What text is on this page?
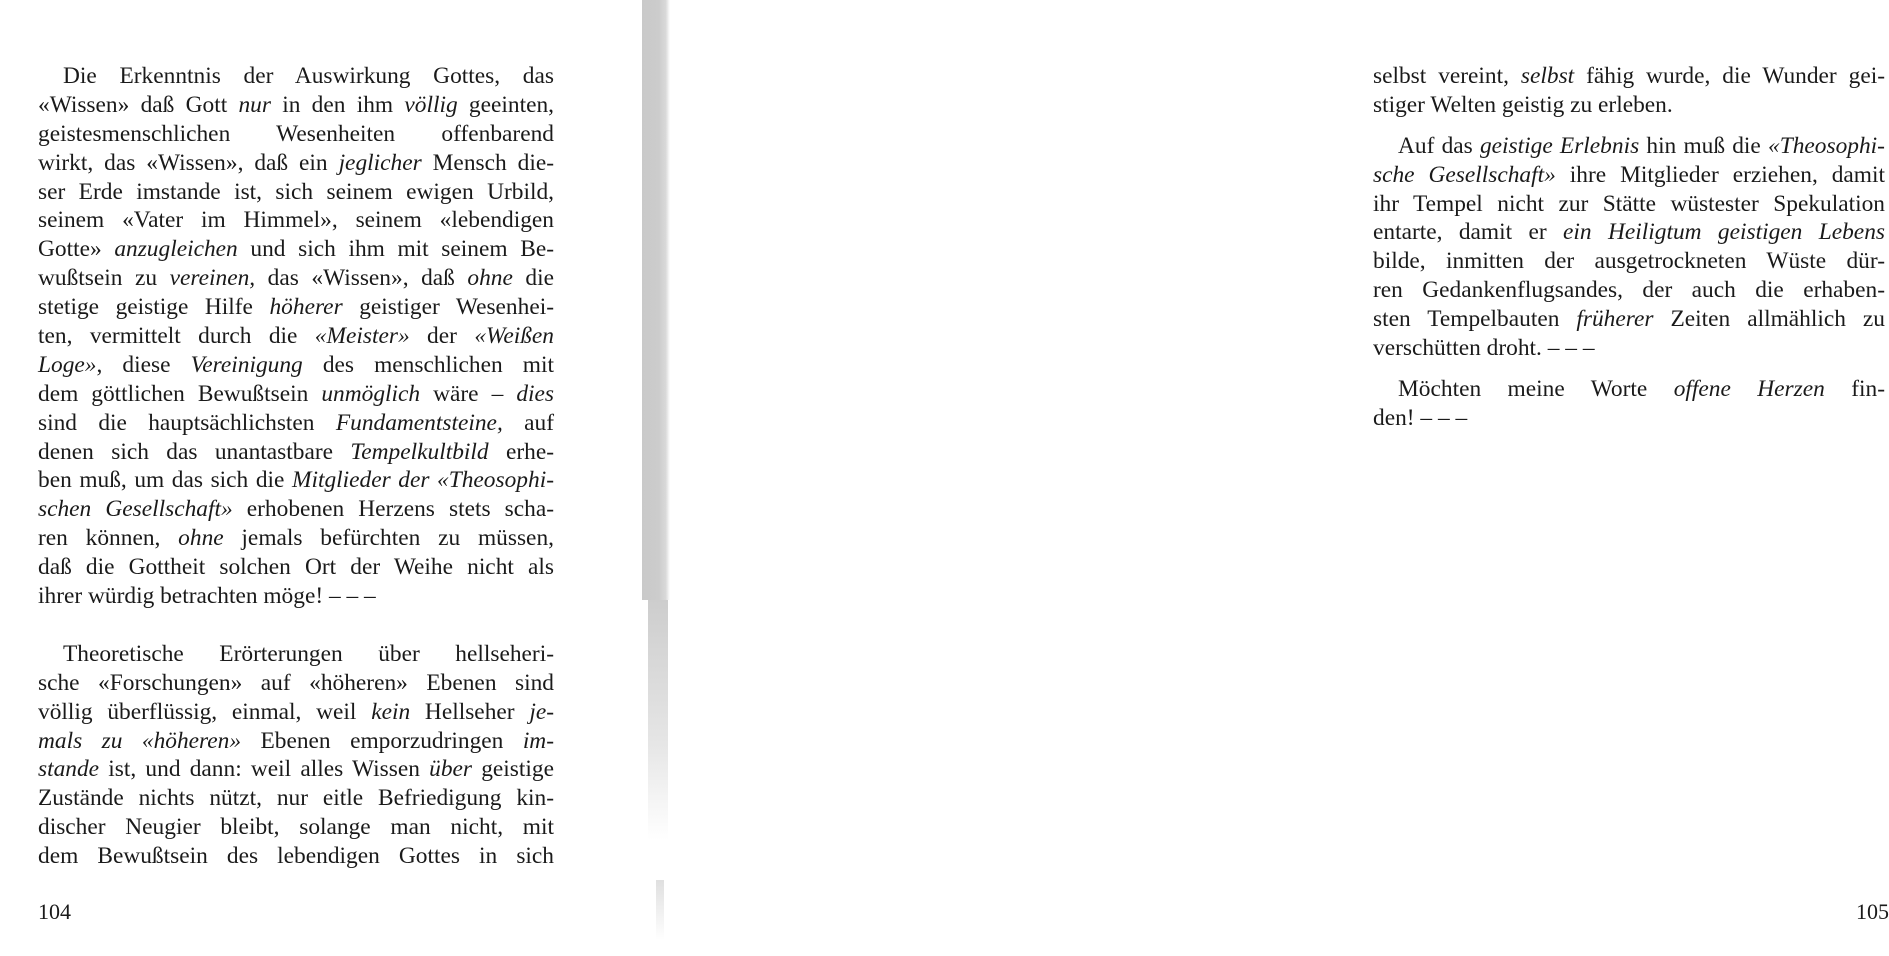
Die Erkenntnis der Auswirkung Gottes, das
«Wissen» daß Gott nur in den ihm völlig geeinten,
geistesmenschlichen Wesenheiten offenbarend
wirkt, das «Wissen», daß ein jeglicher Mensch die-
ser Erde imstande ist, sich seinem ewigen Urbild,
seinem «Vater im Himmel», seinem «lebendigen
Gotte» anzugleichen und sich ihm mit seinem Be-
wußtsein zu vereinen, das «Wissen», daß ohne die
stetige geistige Hilfe höherer geistiger Wesenhei-
ten, vermittelt durch die «Meister» der «Weißen
Loge», diese Vereinigung des menschlichen mit
dem göttlichen Bewußtsein unmöglich wäre – dies
sind die hauptsächlichsten Fundamentsteine, auf
denen sich das unantastbare Tempelkultbild erhe-
ben muß, um das sich die Mitglieder der «Theosophi-
schen Gesellschaft» erhobenen Herzens stets scha-
ren können, ohne jemals befürchten zu müssen,
daß die Gottheit solchen Ort der Weihe nicht als
ihrer würdig betrachten möge! – – –
Theoretische Erörterungen über hellseheri-
sche «Forschungen» auf «höheren» Ebenen sind
völlig überflüssig, einmal, weil kein Hellseher je-
mals zu «höheren» Ebenen emporzudringen im-
stande ist, und dann: weil alles Wissen über geistige
Zustände nichts nützt, nur eitle Befriedigung kin-
discher Neugier bleibt, solange man nicht, mit
dem Bewußtsein des lebendigen Gottes in sich
104
selbst vereint, selbst fähig wurde, die Wunder gei-
stiger Welten geistig zu erleben.
Auf das geistige Erlebnis hin muß die «Theosophi-
sche Gesellschaft» ihre Mitglieder erziehen, damit
ihr Tempel nicht zur Stätte wüstester Spekulation
entarte, damit er ein Heiligtum geistigen Lebens
bilde, inmitten der ausgetrockneten Wüste dür-
ren Gedankenflugsandes, der auch die erhaben-
sten Tempelbauten früherer Zeiten allmählich zu
verschütten droht. – – –
Möchten meine Worte offene Herzen fin-
den! – – –
105
